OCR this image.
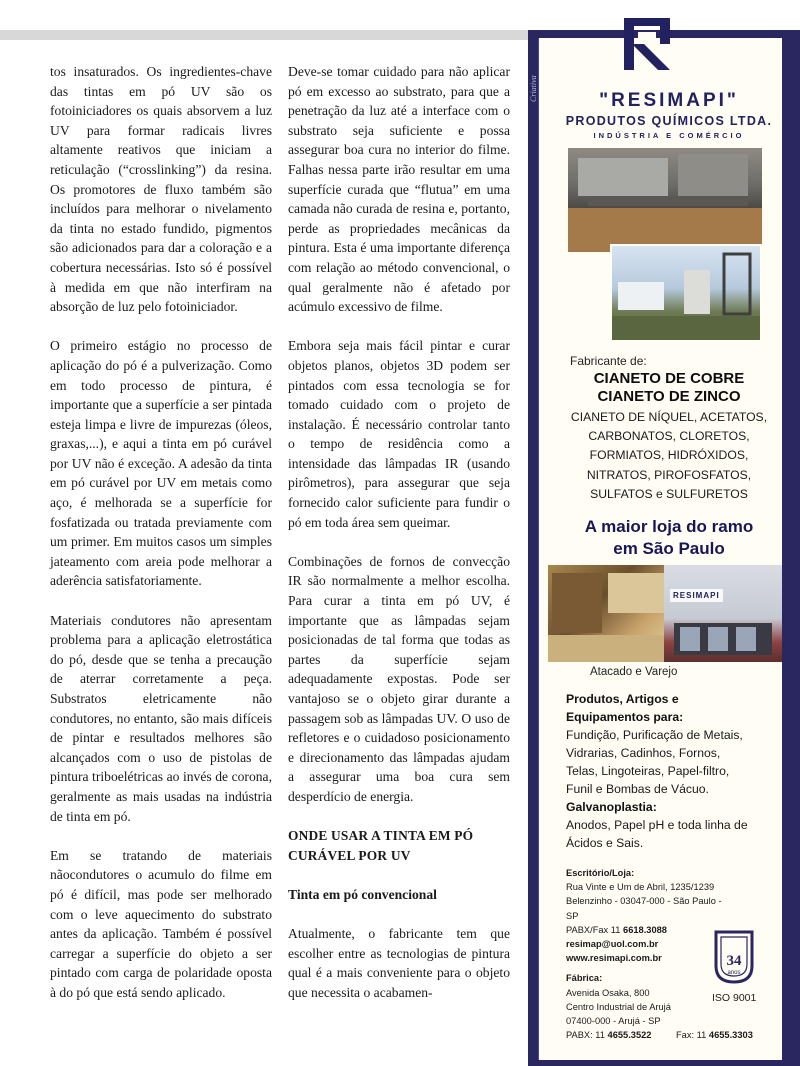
tos insaturados. Os ingredientes-chave das tintas em pó UV são os fotoiniciadores os quais absorvem a luz UV para formar radicais livres altamente reativos que iniciam a reticulação (“crosslinking”) da resina. Os promotores de fluxo também são incluídos para melhorar o nivelamento da tinta no estado fundido, pigmentos são adicionados para dar a coloração e a cobertura necessárias. Isto só é possível à medida em que não interfiram na absorção de luz pelo fotoiniciador.

O primeiro estágio no processo de aplicação do pó é a pulverização. Como em todo processo de pintura, é importante que a superfície a ser pintada esteja limpa e livre de impurezas (óleos, graxas,...), e aqui a tinta em pó curável por UV não é exceção. A adesão da tinta em pó curável por UV em metais como aço, é melhorada se a superfície for fosfatizada ou tratada previamente com um primer. Em muitos casos um simples jateamento com areia pode melhorar a aderência satisfatoriamente.

Materiais condutores não apresentam problema para a aplicação eletrostática do pó, desde que se tenha a precaução de aterrar corretamente a peça. Substratos eletricamente não condutores, no entanto, são mais difíceis de pintar e resultados melhores são alcançados com o uso de pistolas de pintura triboelétricas ao invés de corona, geralmente as mais usadas na indústria de tinta em pó.

Em se tratando de materiais nãocondutores o acumulo do filme em pó é difícil, mas pode ser melhorado com o leve aquecimento do substrato antes da aplicação. Também é possível carregar a superfície do objeto a ser pintado com carga de polaridade oposta à do pó que está sendo aplicado.

Deve-se tomar cuidado para não aplicar pó em excesso ao substrato, para que a penetração da luz até a interface com o substrato seja suficiente e possa assegurar boa cura no interior do filme. Falhas nessa parte irão resultar em uma superfície curada que “flutua” em uma camada não curada de resina e, portanto, perde as propriedades mecânicas da pintura. Esta é uma importante diferença com relação ao método convencional, o qual geralmente não é afetado por acúmulo excessivo de filme.

Embora seja mais fácil pintar e curar objetos planos, objetos 3D podem ser pintados com essa tecnologia se for tomado cuidado com o projeto de instalação. É necessário controlar tanto o tempo de residência como a intensidade das lâmpadas IR (usando pirômetros), para assegurar que seja fornecido calor suficiente para fundir o pó em toda área sem queimar.

Combinações de fornos de convecção IR são normalmente a melhor escolha. Para curar a tinta em pó UV, é importante que as lâmpadas sejam posicionadas de tal forma que todas as partes da superfície sejam adequadamente expostas. Pode ser vantajoso se o objeto girar durante a passagem sob as lâmpadas UV. O uso de refletores e o cuidadoso posicionamento e direcionamento das lâmpadas ajudam a assegurar uma boa cura sem desperdício de energia.

ONDE USAR A TINTA EM PÓ CURÁVEL POR UV
Tinta em pó convencional

Atualmente, o fabricante tem que escolher entre as tecnologias de pintura qual é a mais conveniente para o objeto que necessita o acabamen-

Criativa	"RESIMAPI"
PRODUTOS QUÍMICOS LTDA.
INDÚSTRIA E COMÉRCIO
Fabricante de:
CIANETO DE COBRE
CIANETO DE ZINCO
CIANETO DE NÍQUEL, ACETATOS,
CARBONATOS, CLORETOS,
FORMIATOS, HIDRÓXIDOS,
NITRATOS, PIROFOSFATOS,
SULFATOS e SULFURETOS
A maior loja do ramo
em São Paulo
RESIMAPI
Atacado e Varejo
Produtos, Artigos e
Equipamentos para:
Fundição, Purificação de Metais,
Vidrarias, Cadinhos, Fornos,
Telas, Lingoteiras, Papel-filtro,
Funil e Bombas de Vácuo.
Galvanoplastia:
Anodos, Papel pH e toda linha de
Ácidos e Sais.
Escritório/Loja:
Rua Vinte e Um de Abril, 1235/1239
Belenzinho - 03047-000 - São Paulo - SP
PABX/Fax 11 6618.3088
resimap@uol.com.br
www.resimapi.com.br
Fábrica:
Avenida Osaka, 800
Centro Industrial de Arujá
07400-000 - Arujá - SP
PABX: 11 4655.3522	Fax: 11 4655.3303
34
anos
ISO 9001
